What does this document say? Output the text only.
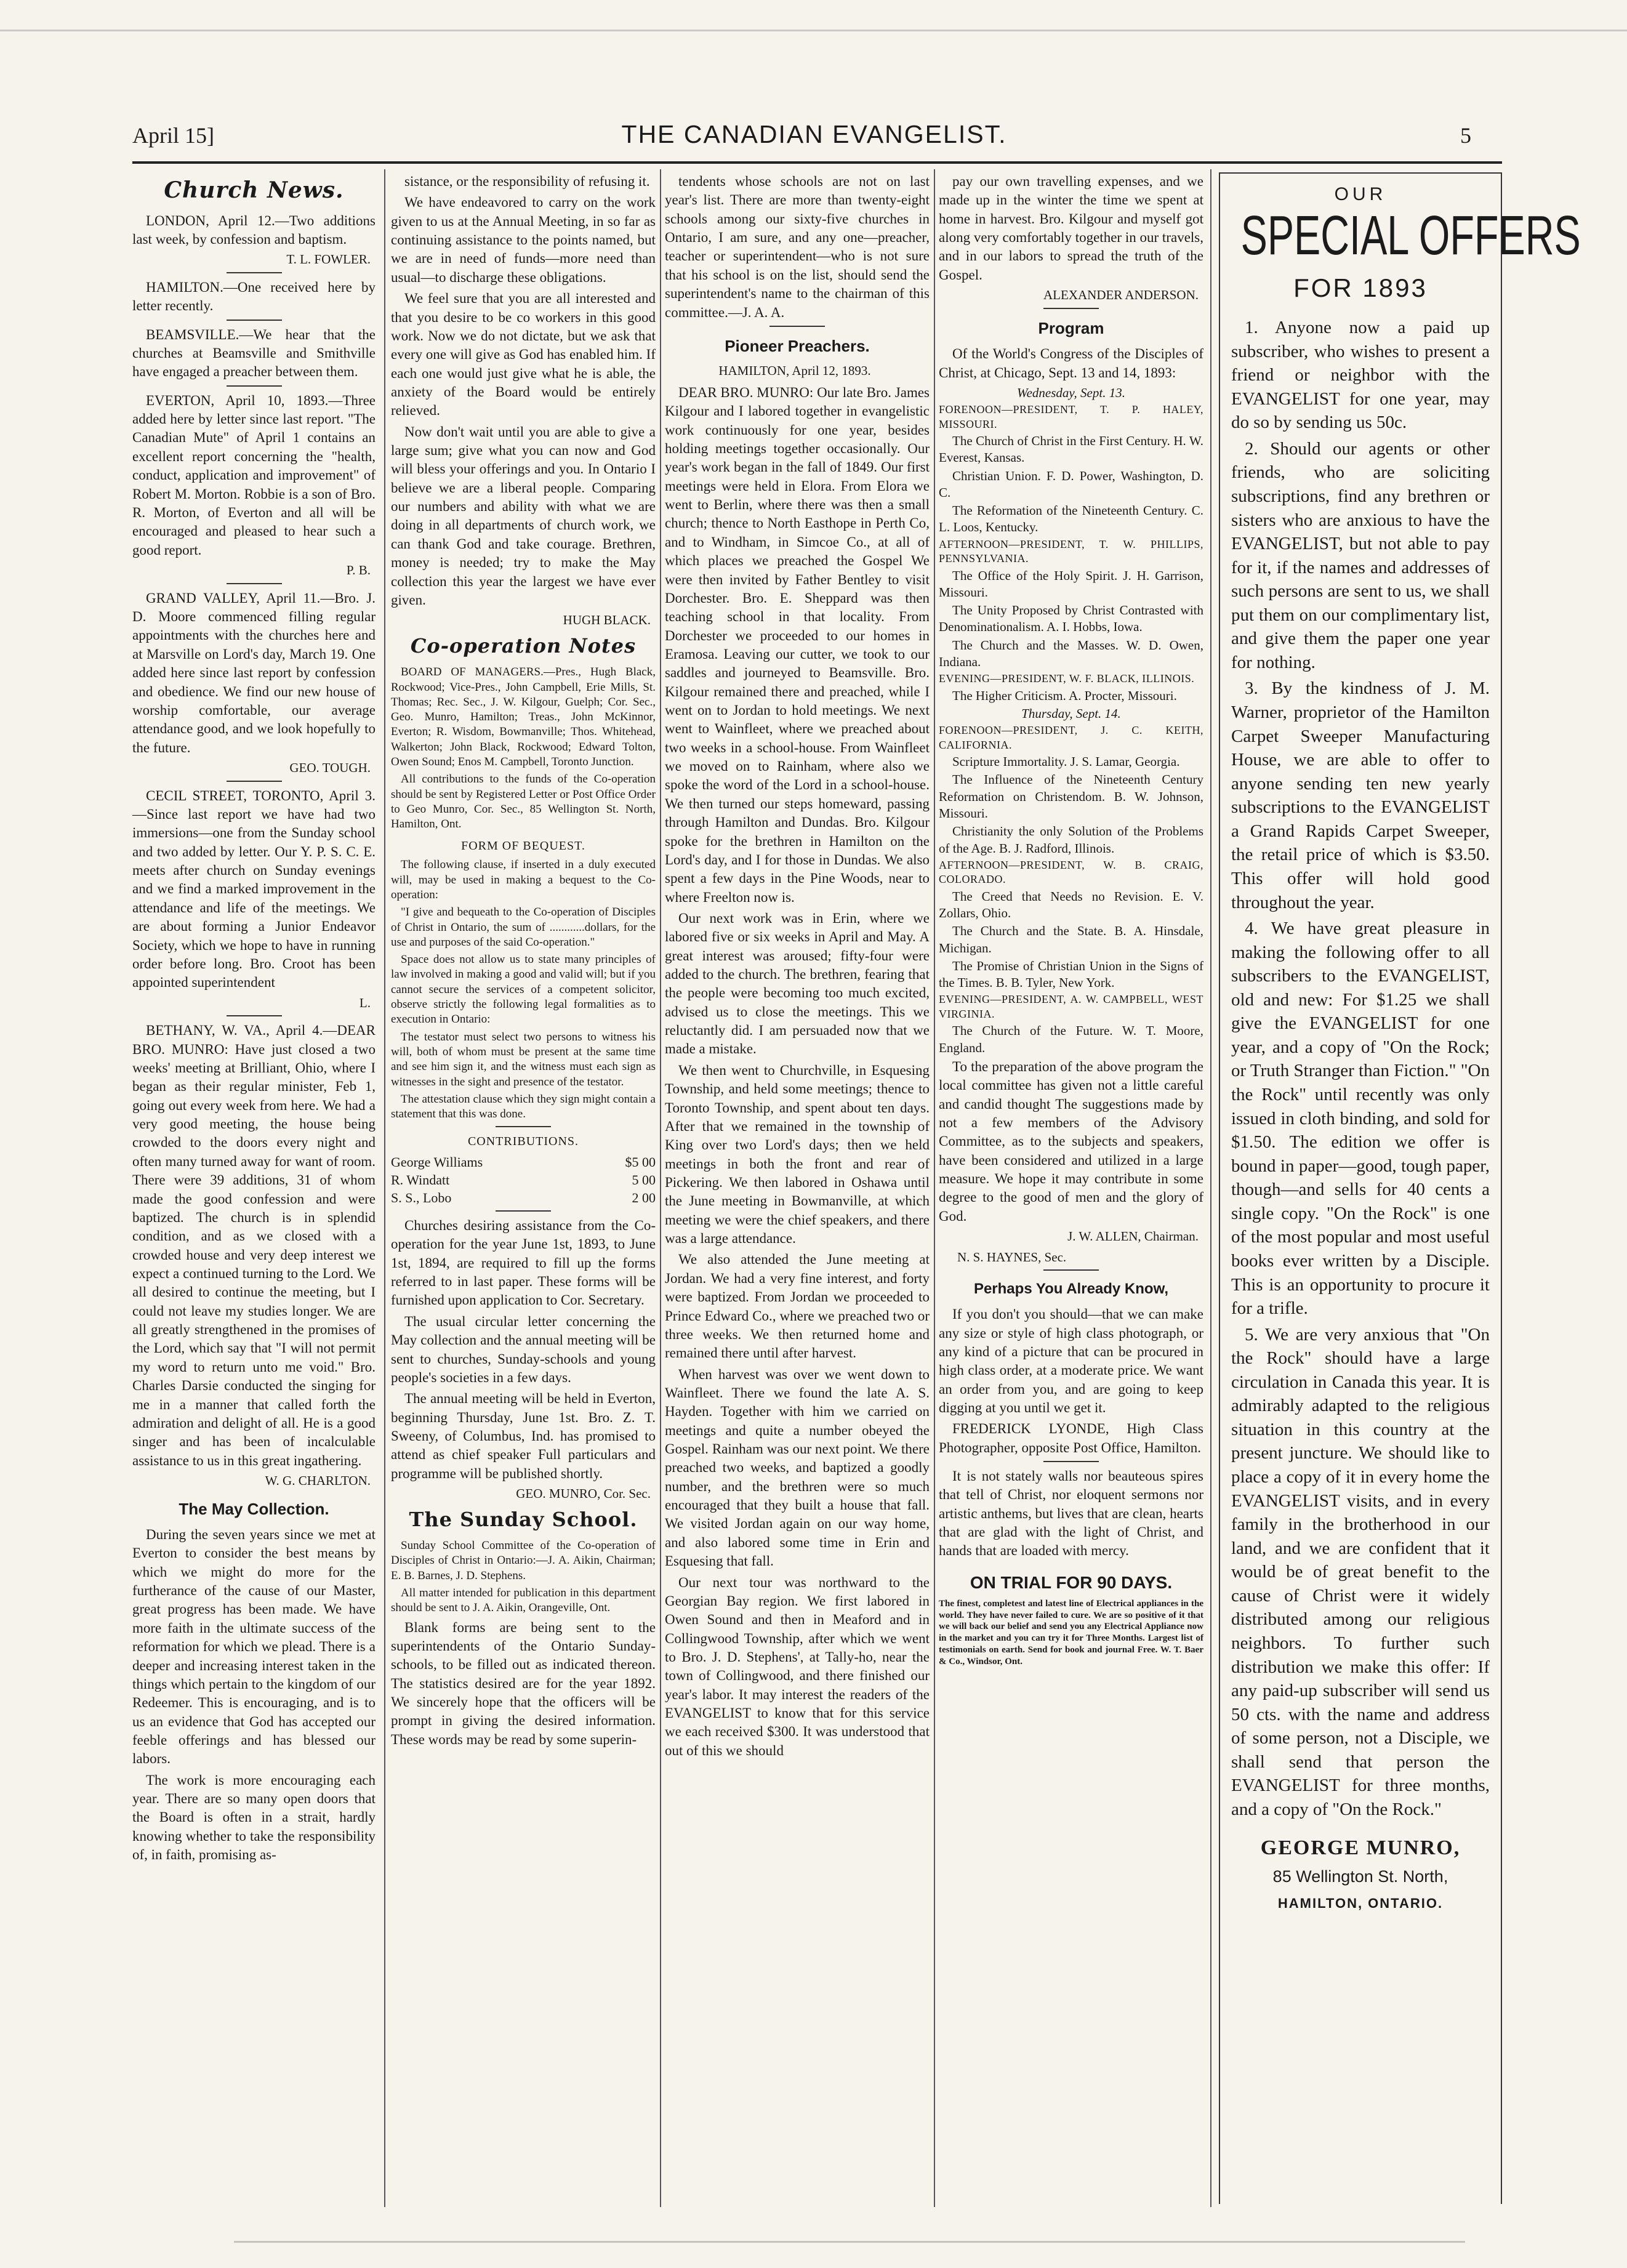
April 15]	THE CANADIAN EVANGELIST.	5
Church News.

LONDON, April 12.—Two additions last week, by confession and baptism.

T. L. FOWLER.

HAMILTON.—One received here by letter recently.

BEAMSVILLE.—We hear that the churches at Beamsville and Smithville have engaged a preacher between them.

EVERTON, April 10, 1893.—Three added here by letter since last report. "The Canadian Mute" of April 1 contains an excellent report concerning the "health, conduct, application and improvement" of Robert M. Morton. Robbie is a son of Bro. R. Morton, of Everton and all will be encouraged and pleased to hear such a good report.

P. B.

GRAND VALLEY, April 11.—Bro. J. D. Moore commenced filling regular appointments with the churches here and at Marsville on Lord's day, March 19. One added here since last report by confession and obedience. We find our new house of worship comfortable, our average attendance good, and we look hopefully to the future.

GEO. TOUGH.

CECIL STREET, TORONTO, April 3.—Since last report we have had two immersions—one from the Sunday school and two added by letter. Our Y. P. S. C. E. meets after church on Sunday evenings and we find a marked improvement in the attendance and life of the meetings. We are about forming a Junior Endeavor Society, which we hope to have in running order before long. Bro. Croot has been appointed superintendent

L.

BETHANY, W. VA., April 4.—DEAR BRO. MUNRO: Have just closed a two weeks' meeting at Brilliant, Ohio, where I began as their regular minister, Feb 1, going out every week from here. We had a very good meeting, the house being crowded to the doors every night and often many turned away for want of room. There were 39 additions, 31 of whom made the good confession and were baptized. The church is in splendid condition, and as we closed with a crowded house and very deep interest we expect a continued turning to the Lord. We all desired to continue the meeting, but I could not leave my studies longer. We are all greatly strengthened in the promises of the Lord, which say that "I will not permit my word to return unto me void." Bro. Charles Darsie conducted the singing for me in a manner that called forth the admiration and delight of all. He is a good singer and has been of incalculable assistance to us in this great ingathering.

W. G. CHARLTON.
The May Collection.

During the seven years since we met at Everton to consider the best means by which we might do more for the furtherance of the cause of our Master, great progress has been made. We have more faith in the ultimate success of the reformation for which we plead. There is a deeper and increasing interest taken in the things which pertain to the kingdom of our Redeemer. This is encouraging, and is to us an evidence that God has accepted our feeble offerings and has blessed our labors.

The work is more encouraging each year. There are so many open doors that the Board is often in a strait, hardly knowing whether to take the responsibility of, in faith, promising as-

sistance, or the responsibility of refusing it.

We have endeavored to carry on the work given to us at the Annual Meeting, in so far as continuing assistance to the points named, but we are in need of funds—more need than usual—to discharge these obligations.

We feel sure that you are all interested and that you desire to be co workers in this good work. Now we do not dictate, but we ask that every one will give as God has enabled him. If each one would just give what he is able, the anxiety of the Board would be entirely relieved.

Now don't wait until you are able to give a large sum; give what you can now and God will bless your offerings and you. In Ontario I believe we are a liberal people. Comparing our numbers and ability with what we are doing in all departments of church work, we can thank God and take courage. Brethren, money is needed; try to make the May collection this year the largest we have ever given.

HUGH BLACK.
Co-operation Notes

BOARD OF MANAGERS.—Pres., Hugh Black, Rockwood; Vice-Pres., John Campbell, Erie Mills, St. Thomas; Rec. Sec., J. W. Kilgour, Guelph; Cor. Sec., Geo. Munro, Hamilton; Treas., John McKinnor, Everton; R. Wisdom, Bowmanville; Thos. Whitehead, Walkerton; John Black, Rockwood; Edward Tolton, Owen Sound; Enos M. Campbell, Toronto Junction.

All contributions to the funds of the Co-operation should be sent by Registered Letter or Post Office Order to Geo Munro, Cor. Sec., 85 Wellington St. North, Hamilton, Ont.

FORM OF BEQUEST.

The following clause, if inserted in a duly executed will, may be used in making a bequest to the Co-operation:

"I give and bequeath to the Co-operation of Disciples of Christ in Ontario, the sum of ............dollars, for the use and purposes of the said Co-operation."

Space does not allow us to state many principles of law involved in making a good and valid will; but if you cannot secure the services of a competent solicitor, observe strictly the following legal formalities as to execution in Ontario:

The testator must select two persons to witness his will, both of whom must be present at the same time and see him sign it, and the witness must each sign as witnesses in the sight and presence of the testator.

The attestation clause which they sign might contain a statement that this was done.

CONTRIBUTIONS.
George Williams	$5 00
R. Windatt	5 00
S. S., Lobo	2 00

Churches desiring assistance from the Co-operation for the year June 1st, 1893, to June 1st, 1894, are required to fill up the forms referred to in last paper. These forms will be furnished upon application to Cor. Secretary.

The usual circular letter concerning the May collection and the annual meeting will be sent to churches, Sunday-schools and young people's societies in a few days.

The annual meeting will be held in Everton, beginning Thursday, June 1st. Bro. Z. T. Sweeny, of Columbus, Ind. has promised to attend as chief speaker Full particulars and programme will be published shortly.

GEO. MUNRO, Cor. Sec.
The Sunday School.

Sunday School Committee of the Co-operation of Disciples of Christ in Ontario:—J. A. Aikin, Chairman; E. B. Barnes, J. D. Stephens.

All matter intended for publication in this department should be sent to J. A. Aikin, Orangeville, Ont.

Blank forms are being sent to the superintendents of the Ontario Sunday-schools, to be filled out as indicated thereon. The statistics desired are for the year 1892. We sincerely hope that the officers will be prompt in giving the desired information. These words may be read by some superin-

tendents whose schools are not on last year's list. There are more than twenty-eight schools among our sixty-five churches in Ontario, I am sure, and any one—preacher, teacher or superintendent—who is not sure that his school is on the list, should send the superintendent's name to the chairman of this committee.—J. A. A.

Pioneer Preachers.
HAMILTON, April 12, 1893.

DEAR BRO. MUNRO: Our late Bro. James Kilgour and I labored together in evangelistic work continuously for one year, besides holding meetings together occasionally. Our year's work began in the fall of 1849. Our first meetings were held in Elora. From Elora we went to Berlin, where there was then a small church; thence to North Easthope in Perth Co, and to Windham, in Simcoe Co., at all of which places we preached the Gospel We were then invited by Father Bentley to visit Dorchester. Bro. E. Sheppard was then teaching school in that locality. From Dorchester we proceeded to our homes in Eramosa. Leaving our cutter, we took to our saddles and journeyed to Beamsville. Bro. Kilgour remained there and preached, while I went on to Jordan to hold meetings. We next went to Wainfleet, where we preached about two weeks in a school-house. From Wainfleet we moved on to Rainham, where also we spoke the word of the Lord in a school-house. We then turned our steps homeward, passing through Hamilton and Dundas. Bro. Kilgour spoke for the brethren in Hamilton on the Lord's day, and I for those in Dundas. We also spent a few days in the Pine Woods, near to where Freelton now is.

Our next work was in Erin, where we labored five or six weeks in April and May. A great interest was aroused; fifty-four were added to the church. The brethren, fearing that the people were becoming too much excited, advised us to close the meetings. This we reluctantly did. I am persuaded now that we made a mistake.

We then went to Churchville, in Esquesing Township, and held some meetings; thence to Toronto Township, and spent about ten days. After that we remained in the township of King over two Lord's days; then we held meetings in both the front and rear of Pickering. We then labored in Oshawa until the June meeting in Bowmanville, at which meeting we were the chief speakers, and there was a large attendance.

We also attended the June meeting at Jordan. We had a very fine interest, and forty were baptized. From Jordan we proceeded to Prince Edward Co., where we preached two or three weeks. We then returned home and remained there until after harvest.

When harvest was over we went down to Wainfleet. There we found the late A. S. Hayden. Together with him we carried on meetings and quite a number obeyed the Gospel. Rainham was our next point. We there preached two weeks, and baptized a goodly number, and the brethren were so much encouraged that they built a house that fall. We visited Jordan again on our way home, and also labored some time in Erin and Esquesing that fall.

Our next tour was northward to the Georgian Bay region. We first labored in Owen Sound and then in Meaford and in Collingwood Township, after which we went to Bro. J. D. Stephens', at Tally-ho, near the town of Collingwood, and there finished our year's labor. It may interest the readers of the EVANGELIST to know that for this service we each received $300. It was understood that out of this we should

pay our own travelling expenses, and we made up in the winter the time we spent at home in harvest. Bro. Kilgour and myself got along very comfortably together in our travels, and in our labors to spread the truth of the Gospel.

ALEXANDER ANDERSON.
Program

Of the World's Congress of the Disciples of Christ, at Chicago, Sept. 13 and 14, 1893:

Wednesday, Sept. 13.
FORENOON—PRESIDENT, T. P. HALEY, MISSOURI.
The Church of Christ in the First Century. H. W. Everest, Kansas.
Christian Union. F. D. Power, Washington, D. C.
The Reformation of the Nineteenth Century. C. L. Loos, Kentucky.
AFTERNOON—PRESIDENT, T. W. PHILLIPS, PENNSYLVANIA.
The Office of the Holy Spirit. J. H. Garrison, Missouri.
The Unity Proposed by Christ Contrasted with Denominationalism. A. I. Hobbs, Iowa.
The Church and the Masses. W. D. Owen, Indiana.
EVENING—PRESIDENT, W. F. BLACK, ILLINOIS.
The Higher Criticism. A. Procter, Missouri.
Thursday, Sept. 14.
FORENOON—PRESIDENT, J. C. KEITH, CALIFORNIA.
Scripture Immortality. J. S. Lamar, Georgia.
The Influence of the Nineteenth Century Reformation on Christendom. B. W. Johnson, Missouri.
Christianity the only Solution of the Problems of the Age. B. J. Radford, Illinois.
AFTERNOON—PRESIDENT, W. B. CRAIG, COLORADO.
The Creed that Needs no Revision. E. V. Zollars, Ohio.
The Church and the State. B. A. Hinsdale, Michigan.
The Promise of Christian Union in the Signs of the Times. B. B. Tyler, New York.
EVENING—PRESIDENT, A. W. CAMPBELL, WEST VIRGINIA.
The Church of the Future. W. T. Moore, England.

To the preparation of the above program the local committee has given not a little careful and candid thought The suggestions made by not a few members of the Advisory Committee, as to the subjects and speakers, have been considered and utilized in a large measure. We hope it may contribute in some degree to the good of men and the glory of God.

J. W. ALLEN, Chairman.
N. S. HAYNES, Sec.
Perhaps You Already Know,

If you don't you should—that we can make any size or style of high class photograph, or any kind of a picture that can be procured in high class order, at a moderate price. We want an order from you, and are going to keep digging at you until we get it.

FREDERICK LYONDE, High Class Photographer, opposite Post Office, Hamilton.

It is not stately walls nor beauteous spires that tell of Christ, nor eloquent sermons nor artistic anthems, but lives that are clean, hearts that are glad with the light of Christ, and hands that are loaded with mercy.

ON TRIAL FOR 90 DAYS.
The finest, completest and latest line of Electrical appliances in the world. They have never failed to cure. We are so positive of it that we will back our belief and send you any Electrical Appliance now in the market and you can try it for Three Months. Largest list of testimonials on earth. Send for book and journal Free. W. T. Baer & Co., Windsor, Ont.
OUR
SPECIAL OFFERS
FOR 1893

1. Anyone now a paid up subscriber, who wishes to present a friend or neighbor with the EVANGELIST for one year, may do so by sending us 50c.

2. Should our agents or other friends, who are soliciting subscriptions, find any brethren or sisters who are anxious to have the EVANGELIST, but not able to pay for it, if the names and addresses of such persons are sent to us, we shall put them on our complimentary list, and give them the paper one year for nothing.

3. By the kindness of J. M. Warner, proprietor of the Hamilton Carpet Sweeper Manufacturing House, we are able to offer to anyone sending ten new yearly subscriptions to the EVANGELIST a Grand Rapids Carpet Sweeper, the retail price of which is $3.50. This offer will hold good throughout the year.

4. We have great pleasure in making the following offer to all subscribers to the EVANGELIST, old and new: For $1.25 we shall give the EVANGELIST for one year, and a copy of "On the Rock; or Truth Stranger than Fiction." "On the Rock" until recently was only issued in cloth binding, and sold for $1.50. The edition we offer is bound in paper—good, tough paper, though—and sells for 40 cents a single copy. "On the Rock" is one of the most popular and most useful books ever written by a Disciple. This is an opportunity to procure it for a trifle.

5. We are very anxious that "On the Rock" should have a large circulation in Canada this year. It is admirably adapted to the religious situation in this country at the present juncture. We should like to place a copy of it in every home the EVANGELIST visits, and in every family in the brotherhood in our land, and we are confident that it would be of great benefit to the cause of Christ were it widely distributed among our religious neighbors. To further such distribution we make this offer: If any paid-up subscriber will send us 50 cts. with the name and address of some person, not a Disciple, we shall send that person the EVANGELIST for three months, and a copy of "On the Rock."

GEORGE MUNRO,
85 Wellington St. North,
HAMILTON, ONTARIO.
